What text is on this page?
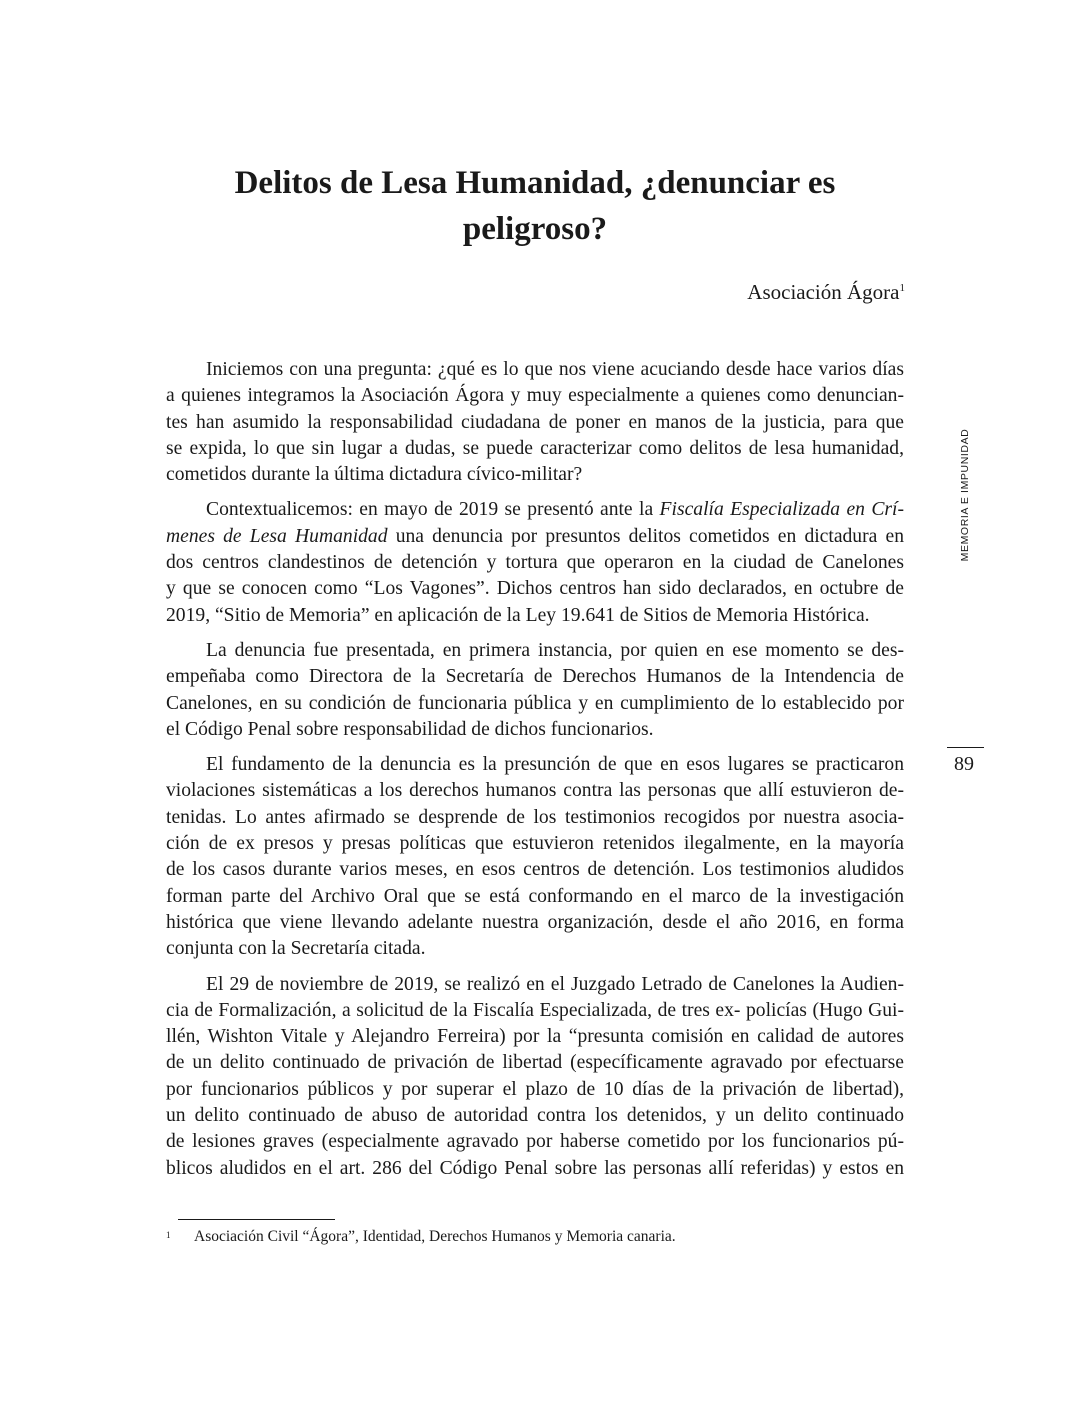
Delitos de Lesa Humanidad, ¿denunciar es
peligroso?
Asociación Ágora$^1$
MEMORIA E IMPUNIDAD
89

Iniciemos con una pregunta: ¿qué es lo que nos viene acuciando desde hace varios días
a quienes integramos la Asociación Ágora y muy especialmente a quienes como denuncian-
tes han asumido la responsabilidad ciudadana de poner en manos de la justicia, para que
se expida, lo que sin lugar a dudas, se puede caracterizar como delitos de lesa humanidad,
cometidos durante la última dictadura cívico-militar?

Contextualicemos: en mayo de 2019 se presentó ante la Fiscalía Especializada en Crí-
menes de Lesa Humanidad una denuncia por presuntos delitos cometidos en dictadura en
dos centros clandestinos de detención y tortura que operaron en la ciudad de Canelones
y que se conocen como “Los Vagones”. Dichos centros han sido declarados, en octubre de
2019, “Sitio de Memoria” en aplicación de la Ley 19.641 de Sitios de Memoria Histórica.

La denuncia fue presentada, en primera instancia, por quien en ese momento se des-
empeñaba como Directora de la Secretaría de Derechos Humanos de la Intendencia de
Canelones, en su condición de funcionaria pública y en cumplimiento de lo establecido por
el Código Penal sobre responsabilidad de dichos funcionarios.

El fundamento de la denuncia es la presunción de que en esos lugares se practicaron
violaciones sistemáticas a los derechos humanos contra las personas que allí estuvieron de-
tenidas. Lo antes afirmado se desprende de los testimonios recogidos por nuestra asocia-
ción de ex presos y presas políticas que estuvieron retenidos ilegalmente, en la mayoría
de los casos durante varios meses, en esos centros de detención. Los testimonios aludidos
forman parte del Archivo Oral que se está conformando en el marco de la investigación
histórica que viene llevando adelante nuestra organización, desde el año 2016, en forma
conjunta con la Secretaría citada.

El 29 de noviembre de 2019, se realizó en el Juzgado Letrado de Canelones la Audien-
cia de Formalización, a solicitud de la Fiscalía Especializada, de tres ex- policías (Hugo Gui-
llén, Wishton Vitale y Alejandro Ferreira) por la “presunta comisión en calidad de autores
de un delito continuado de privación de libertad (específicamente agravado por efectuarse
por funcionarios públicos y por superar el plazo de 10 días de la privación de libertad),
un delito continuado de abuso de autoridad contra los detenidos, y un delito continuado
de lesiones graves (especialmente agravado por haberse cometido por los funcionarios pú-
blicos aludidos en el art. 286 del Código Penal sobre las personas allí referidas) y estos en

$^1$ Asociación Civil “Ágora”, Identidad, Derechos Humanos y Memoria canaria.
